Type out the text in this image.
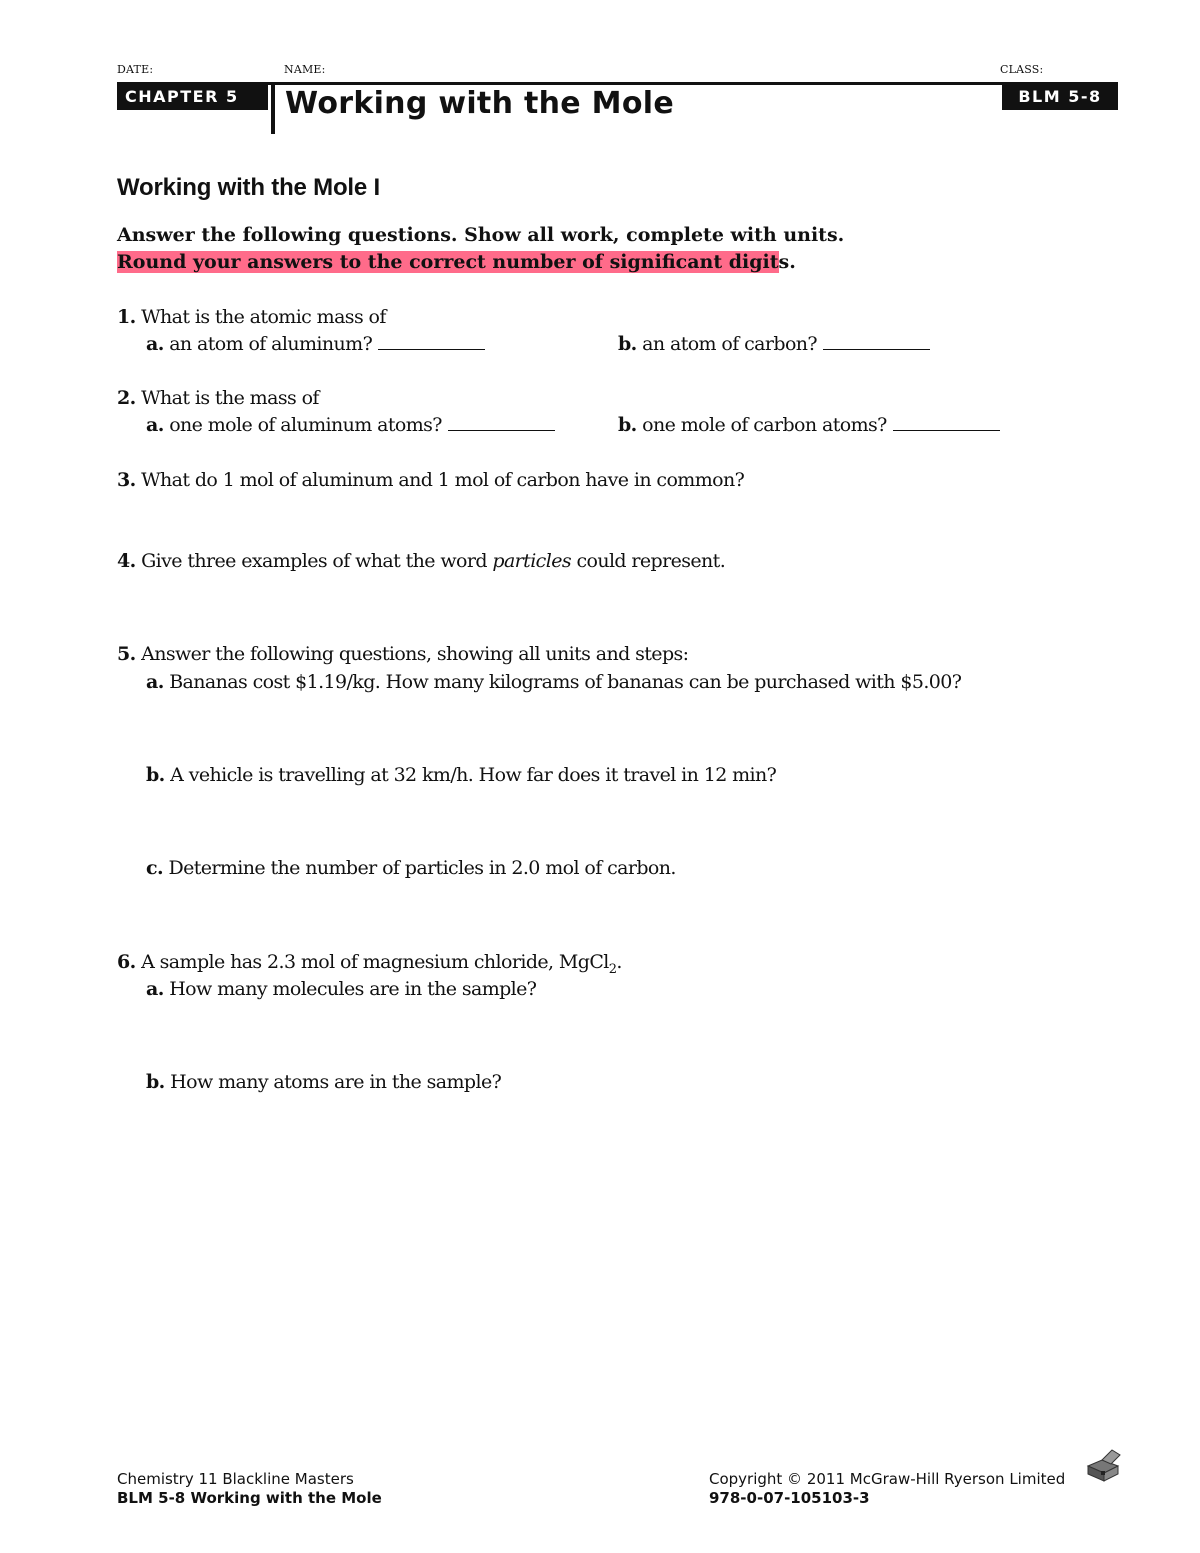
DATE:	NAME:	CLASS:
CHAPTER 5	Working with the Mole	BLM 5-8
Working with the Mole I
Answer the following questions. Show all work, complete with units.
Round your answers to the correct number of significant digits.
1. What is the atomic mass of
a. an atom of aluminum?	b. an atom of carbon?
2. What is the mass of
a. one mole of aluminum atoms?	b. one mole of carbon atoms?
3. What do 1 mol of aluminum and 1 mol of carbon have in common?
4. Give three examples of what the word particles could represent.
5. Answer the following questions, showing all units and steps:
a. Bananas cost $1.19/kg. How many kilograms of bananas can be purchased with $5.00?
b. A vehicle is travelling at 32 km/h. How far does it travel in 12 min?
c. Determine the number of particles in 2.0 mol of carbon.
6. A sample has 2.3 mol of magnesium chloride, MgCl$_2$.
a. How many molecules are in the sample?
b. How many atoms are in the sample?
Chemistry 11 Blackline Masters
BLM 5-8 Working with the Mole
Copyright © 2011 McGraw-Hill Ryerson Limited
978-0-07-105103-3
